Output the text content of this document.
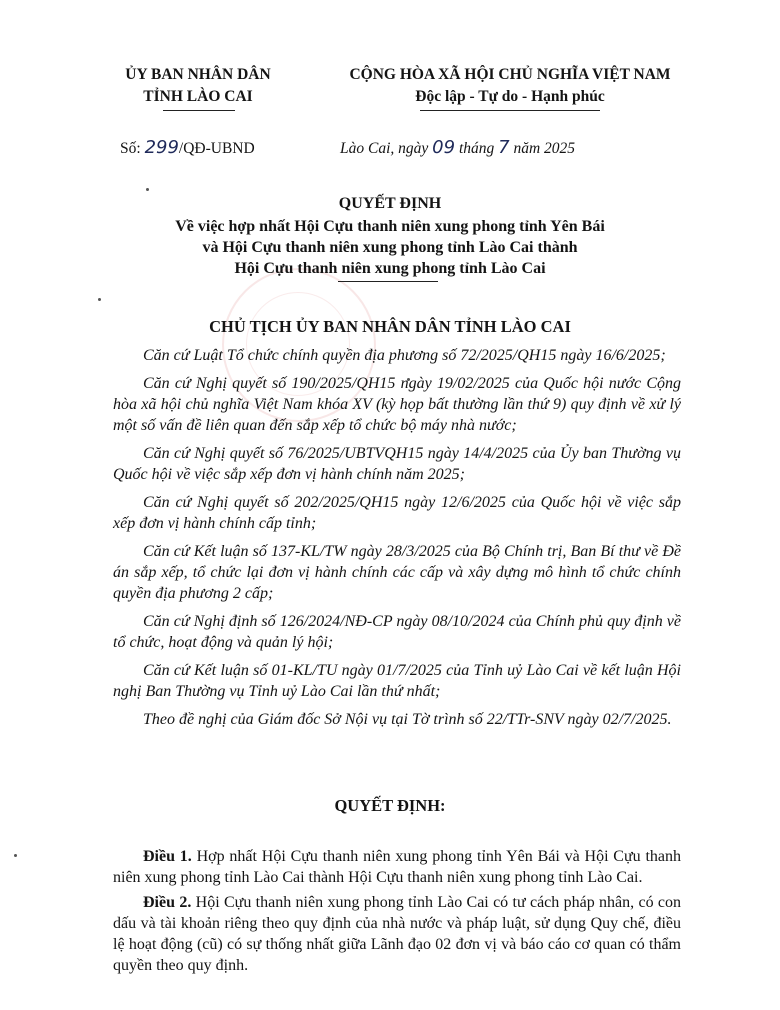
ỦY BAN NHÂN DÂN
TỈNH LÀO CAI
CỘNG HÒA XÃ HỘI CHỦ NGHĨA VIỆT NAM
Độc lập - Tự do - Hạnh phúc
Số: 299/QĐ-UBND	Lào Cai, ngày 09 tháng 7 năm 2025
QUYẾT ĐỊNH
Về việc hợp nhất Hội Cựu thanh niên xung phong tỉnh Yên Bái
và Hội Cựu thanh niên xung phong tỉnh Lào Cai thành
Hội Cựu thanh niên xung phong tỉnh Lào Cai
CHỦ TỊCH ỦY BAN NHÂN DÂN TỈNH LÀO CAI

Căn cứ Luật Tổ chức chính quyền địa phương số 72/2025/QH15 ngày 16/6/2025;

Căn cứ Nghị quyết số 190/2025/QH15 ngày 19/02/2025 của Quốc hội nước Cộng hòa xã hội chủ nghĩa Việt Nam khóa XV (kỳ họp bất thường lần thứ 9) quy định về xử lý một số vấn đề liên quan đến sắp xếp tổ chức bộ máy nhà nước;

Căn cứ Nghị quyết số 76/2025/UBTVQH15 ngày 14/4/2025 của Ủy ban Thường vụ Quốc hội về việc sắp xếp đơn vị hành chính năm 2025;

Căn cứ Nghị quyết số 202/2025/QH15 ngày 12/6/2025 của Quốc hội về việc sắp xếp đơn vị hành chính cấp tỉnh;

Căn cứ Kết luận số 137-KL/TW ngày 28/3/2025 của Bộ Chính trị, Ban Bí thư về Đề án sắp xếp, tổ chức lại đơn vị hành chính các cấp và xây dựng mô hình tổ chức chính quyền địa phương 2 cấp;

Căn cứ Nghị định số 126/2024/NĐ-CP ngày 08/10/2024 của Chính phủ quy định về tổ chức, hoạt động và quản lý hội;

Căn cứ Kết luận số 01-KL/TU ngày 01/7/2025 của Tỉnh uỷ Lào Cai về kết luận Hội nghị Ban Thường vụ Tỉnh uỷ Lào Cai lần thứ nhất;

Theo đề nghị của Giám đốc Sở Nội vụ tại Tờ trình số 22/TTr-SNV ngày 02/7/2025.

QUYẾT ĐỊNH:

Điều 1. Hợp nhất Hội Cựu thanh niên xung phong tỉnh Yên Bái và Hội Cựu thanh niên xung phong tỉnh Lào Cai thành Hội Cựu thanh niên xung phong tỉnh Lào Cai.

Điều 2. Hội Cựu thanh niên xung phong tỉnh Lào Cai có tư cách pháp nhân, có con dấu và tài khoản riêng theo quy định của nhà nước và pháp luật, sử dụng Quy chế, điều lệ hoạt động (cũ) có sự thống nhất giữa Lãnh đạo 02 đơn vị và báo cáo cơ quan có thẩm quyền theo quy định.
